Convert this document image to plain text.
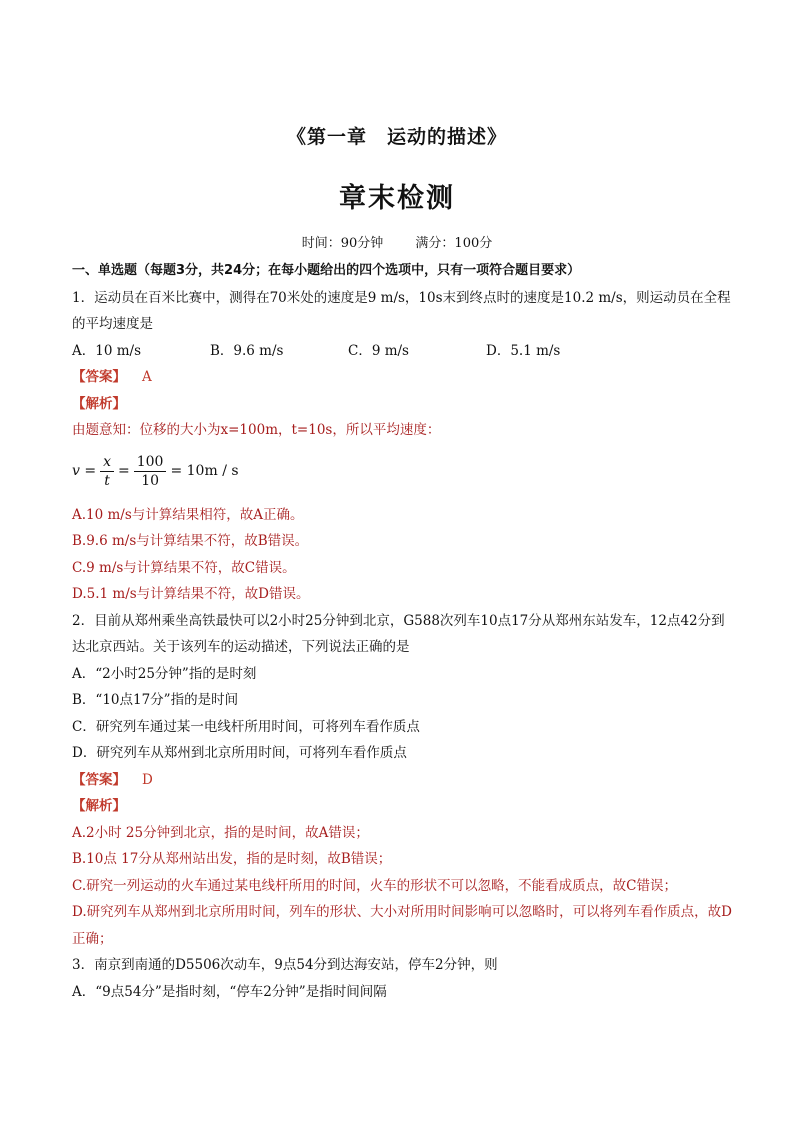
《第一章　运动的描述》
章末检测
时间：90分钟 满分：100分

一、单选题（每题3分，共24分；在每小题给出的四个选项中，只有一项符合题目要求）

1．运动员在百米比赛中，测得在70米处的速度是9 m/s，10s末到终点时的速度是10.2 m/s，则运动员在全程的平均速度是

A．10 m/s	B．9.6 m/s	C．9 m/s	D．5.1 m/s

【答案】 A

【解析】

由题意知：位移的大小为x=100m，t=10s，所以平均速度：

$v = \frac{x}{t} = \frac{100}{10} = 10m / s$

A.10 m/s与计算结果相符，故A正确。

B.9.6 m/s与计算结果不符，故B错误。

C.9 m/s与计算结果不符，故C错误。

D.5.1 m/s与计算结果不符，故D错误。

2．目前从郑州乘坐高铁最快可以2小时25分钟到北京，G588次列车10点17分从郑州东站发车，12点42分到达北京西站。关于该列车的运动描述，下列说法正确的是

A．“2小时25分钟”指的是时刻

B．“10点17分”指的是时间

C．研究列车通过某一电线杆所用时间，可将列车看作质点

D．研究列车从郑州到北京所用时间，可将列车看作质点

【答案】 D

【解析】

A.2小时 25分钟到北京，指的是时间，故A错误；

B.10点 17分从郑州站出发，指的是时刻，故B错误；

C.研究一列运动的火车通过某电线杆所用的时间，火车的形状不可以忽略，不能看成质点，故C错误；

D.研究列车从郑州到北京所用时间，列车的形状、大小对所用时间影响可以忽略时，可以将列车看作质点，故D正确；

3．南京到南通的D5506次动车，9点54分到达海安站，停车2分钟，则

A．“9点54分”是指时刻，“停车2分钟”是指时间间隔
